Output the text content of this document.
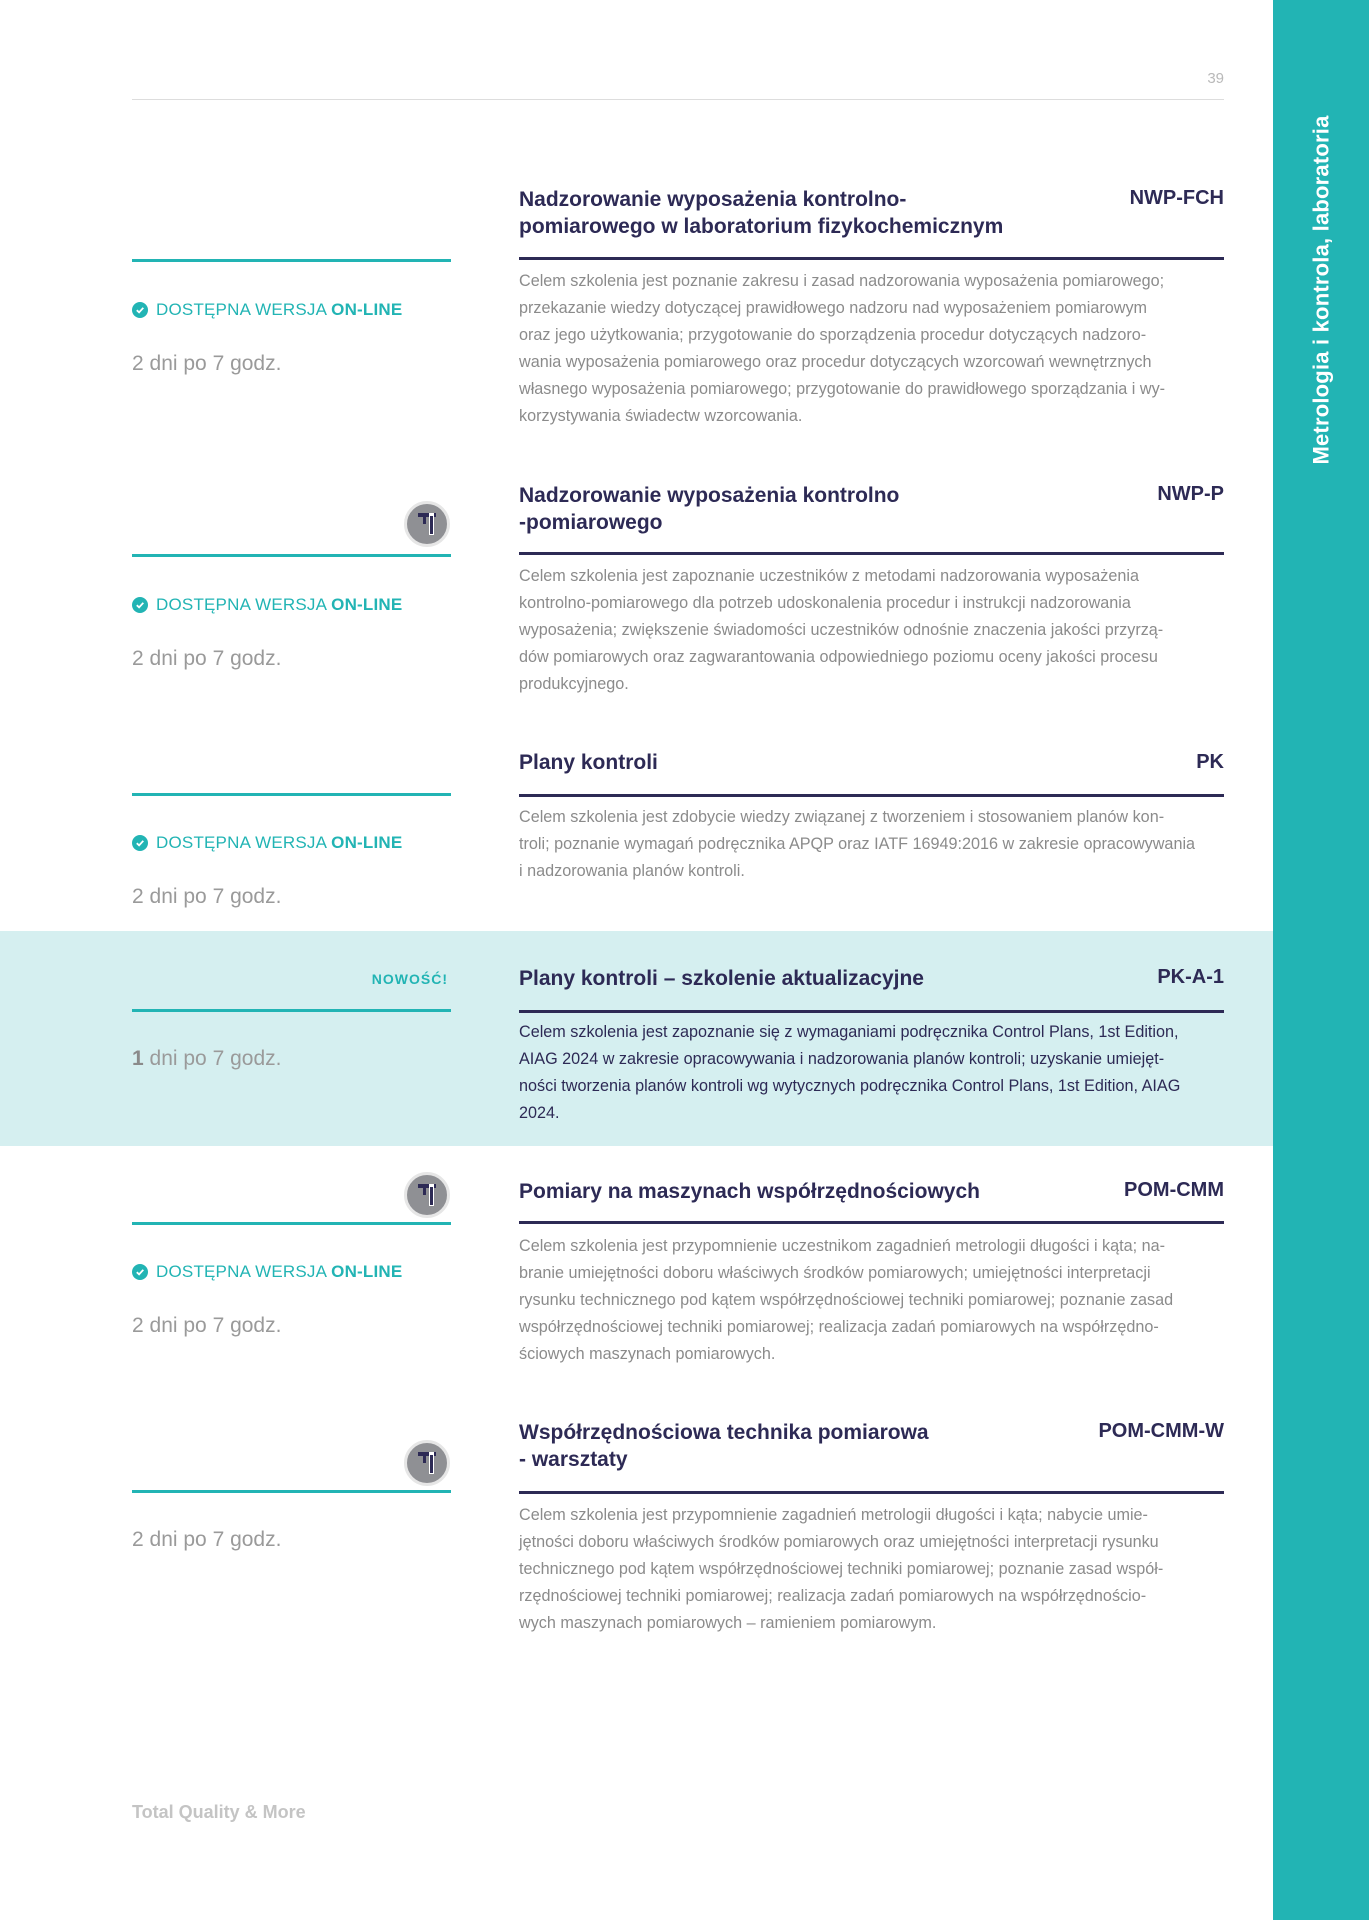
Metrologia i kontrola, laboratoria
39
Nadzorowanie wyposażenia kontrolno-
pomiarowego w laboratorium fizykochemicznym
NWP-FCH
DOSTĘPNA WERSJA ON-LINE
2 dni po 7 godz.
Celem szkolenia jest poznanie zakresu i zasad nadzorowania wyposażenia pomiarowego;
przekazanie wiedzy dotyczącej prawidłowego nadzoru nad wyposażeniem pomiarowym
oraz jego użytkowania; przygotowanie do sporządzenia procedur dotyczących nadzoro-
wania wyposażenia pomiarowego oraz procedur dotyczących wzorcowań wewnętrznych
własnego wyposażenia pomiarowego; przygotowanie do prawidłowego sporządzania i wy-
korzystywania świadectw wzorcowania.
Nadzorowanie wyposażenia kontrolno
-pomiarowego
NWP-P
DOSTĘPNA WERSJA ON-LINE
2 dni po 7 godz.
Celem szkolenia jest zapoznanie uczestników z metodami nadzorowania wyposażenia
kontrolno-pomiarowego dla potrzeb udoskonalenia procedur i instrukcji nadzorowania
wyposażenia; zwiększenie świadomości uczestników odnośnie znaczenia jakości przyrzą-
dów pomiarowych oraz zagwarantowania odpowiedniego poziomu oceny jakości procesu
produkcyjnego.
Plany kontroli	PK
DOSTĘPNA WERSJA ON-LINE
2 dni po 7 godz.
Celem szkolenia jest zdobycie wiedzy związanej z tworzeniem i stosowaniem planów kon-
troli; poznanie wymagań podręcznika APQP oraz IATF 16949:2016 w zakresie opracowywania
i nadzorowania planów kontroli.
NOWOŚĆ!	Plany kontroli – szkolenie aktualizacyjne	PK-A-1
1 dni po 7 godz.
Celem szkolenia jest zapoznanie się z wymaganiami podręcznika Control Plans, 1st Edition,
AIAG 2024 w zakresie opracowywania i nadzorowania planów kontroli; uzyskanie umiejęt-
ności tworzenia planów kontroli wg wytycznych podręcznika Control Plans, 1st Edition, AIAG
2024.
Pomiary na maszynach współrzędnościowych	POM-CMM
DOSTĘPNA WERSJA ON-LINE
2 dni po 7 godz.
Celem szkolenia jest przypomnienie uczestnikom zagadnień metrologii długości i kąta; na-
branie umiejętności doboru właściwych środków pomiarowych; umiejętności interpretacji
rysunku technicznego pod kątem współrzędnościowej techniki pomiarowej; poznanie zasad
współrzędnościowej techniki pomiarowej; realizacja zadań pomiarowych na współrzędno-
ściowych maszynach pomiarowych.
Współrzędnościowa technika pomiarowa
- warsztaty
POM-CMM-W
2 dni po 7 godz.
Celem szkolenia jest przypomnienie zagadnień metrologii długości i kąta; nabycie umie-
jętności doboru właściwych środków pomiarowych oraz umiejętności interpretacji rysunku
technicznego pod kątem współrzędnościowej techniki pomiarowej; poznanie zasad współ-
rzędnościowej techniki pomiarowej; realizacja zadań pomiarowych na współrzędnościo-
wych maszynach pomiarowych – ramieniem pomiarowym.
Total Quality & More
